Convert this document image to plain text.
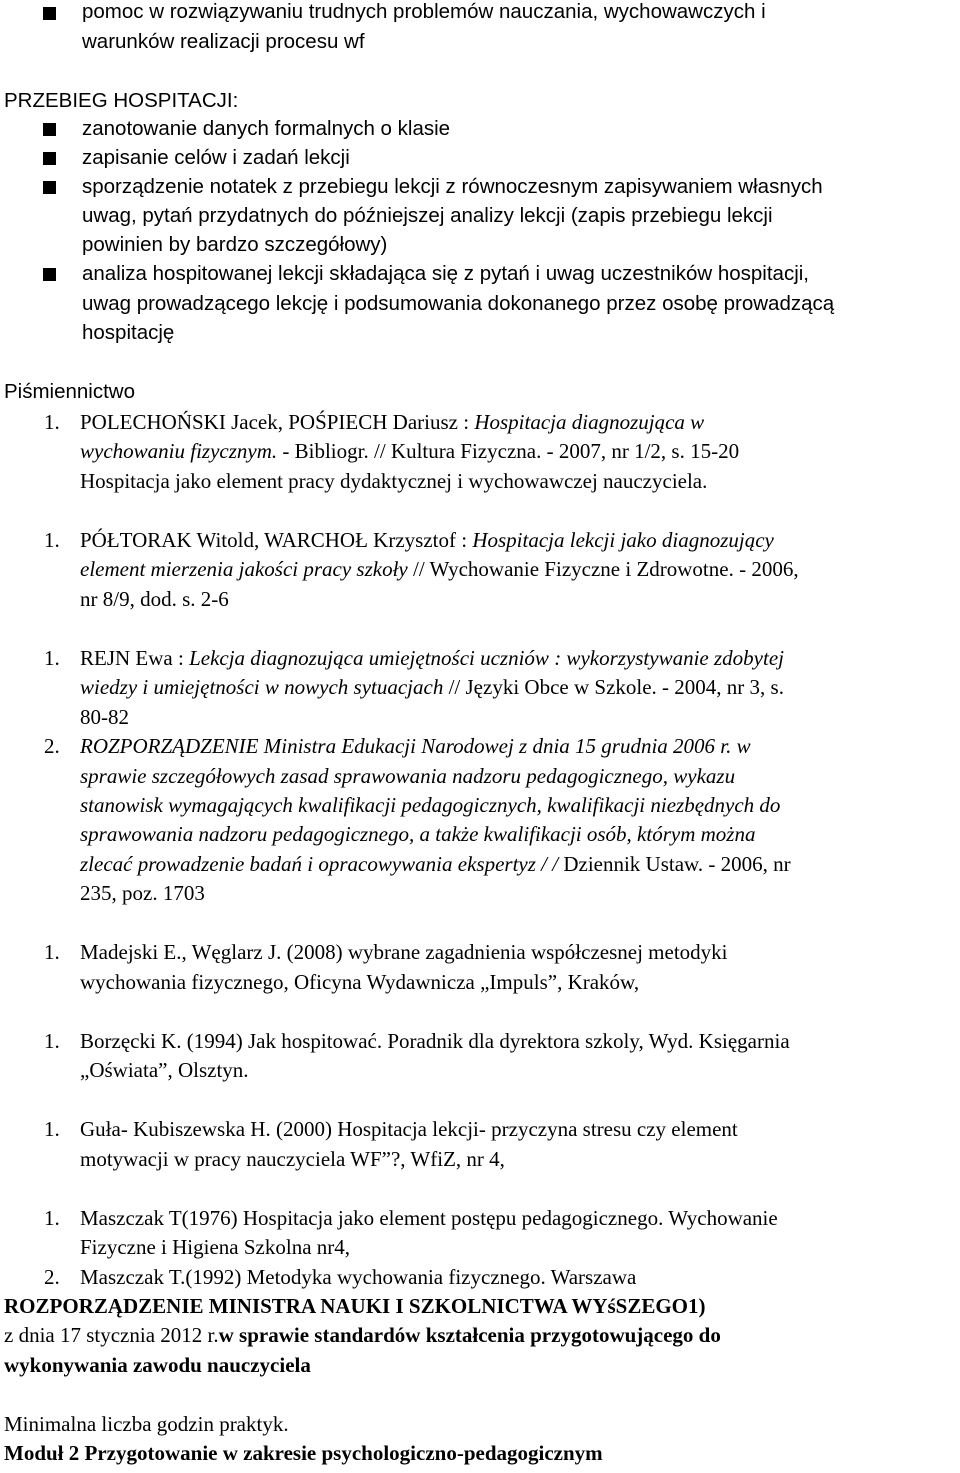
pomoc w rozwiązywaniu trudnych problemów nauczania, wychowawczych i
warunków realizacji procesu wf
PRZEBIEG HOSPITACJI:
zanotowanie danych formalnych o klasie
zapisanie celów i zadań lekcji
sporządzenie notatek z przebiegu lekcji z równoczesnym zapisywaniem własnych
uwag, pytań przydatnych do późniejszej analizy lekcji (zapis przebiegu lekcji
powinien by bardzo szczegółowy)
analiza hospitowanej lekcji składająca się z pytań i uwag uczestników hospitacji,
uwag prowadzącego lekcję i podsumowania dokonanego przez osobę prowadzącą
hospitację
Piśmiennictwo
1. POLECHOŃSKI Jacek, POŚPIECH Dariusz : Hospitacja diagnozująca w
wychowaniu fizycznym. - Bibliogr. // Kultura Fizyczna. - 2007, nr 1/2, s. 15-20
Hospitacja jako element pracy dydaktycznej i wychowawczej nauczyciela.
1. PÓŁTORAK Witold, WARCHOŁ Krzysztof : Hospitacja lekcji jako diagnozujący
element mierzenia jakości pracy szkoły // Wychowanie Fizyczne i Zdrowotne. - 2006,
nr 8/9, dod. s. 2-6
1. REJN Ewa : Lekcja diagnozująca umiejętności uczniów : wykorzystywanie zdobytej
wiedzy i umiejętności w nowych sytuacjach // Języki Obce w Szkole. - 2004, nr 3, s.
80-82
2. ROZPORZĄDZENIE Ministra Edukacji Narodowej z dnia 15 grudnia 2006 r. w
sprawie szczegółowych zasad sprawowania nadzoru pedagogicznego, wykazu
stanowisk wymagających kwalifikacji pedagogicznych, kwalifikacji niezbędnych do
sprawowania nadzoru pedagogicznego, a także kwalifikacji osób, którym można
zlecać prowadzenie badań i opracowywania ekspertyz / / Dziennik Ustaw. - 2006, nr
235, poz. 1703
1. Madejski E., Węglarz J. (2008) wybrane zagadnienia współczesnej metodyki
wychowania fizycznego, Oficyna Wydawnicza „Impuls”, Kraków,
1. Borzęcki K. (1994) Jak hospitować. Poradnik dla dyrektora szkoly, Wyd. Księgarnia
„Oświata”, Olsztyn.
1. Guła- Kubiszewska H. (2000) Hospitacja lekcji- przyczyna stresu czy element
motywacji w pracy nauczyciela WF”?, WfiZ, nr 4,
1. Maszczak T(1976) Hospitacja jako element postępu pedagogicznego. Wychowanie
Fizyczne i Higiena Szkolna nr4,
2. Maszczak T.(1992) Metodyka wychowania fizycznego. Warszawa
ROZPORZĄDZENIE MINISTRA NAUKI I SZKOLNICTWA WYśSZEGO1)
z dnia 17 stycznia 2012 r.w sprawie standardów kształcenia przygotowującego do
wykonywania zawodu nauczyciela
Minimalna liczba godzin praktyk.
Moduł 2 Przygotowanie w zakresie psychologiczno-pedagogicznym
